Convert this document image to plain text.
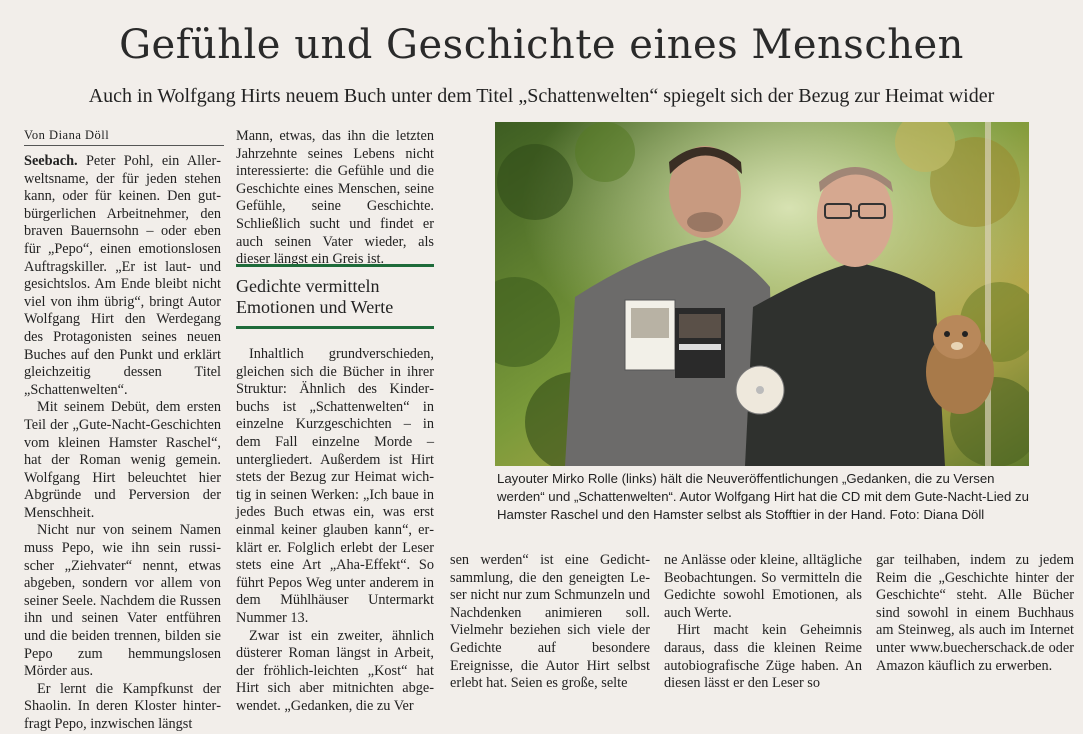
Gefühle und Geschichte eines Menschen
Auch in Wolfgang Hirts neuem Buch unter dem Titel „Schattenwelten“ spiegelt sich der Bezug zur Heimat wider
Von Diana Döll

Seebach. Peter Pohl, ein Allerweltsname, der für jeden stehen kann, oder für keinen. Den gutbürgerlichen Arbeitnehmer, den braven Bauernsohn – oder eben für „Pepo“, einen emotionslosen Auftragskiller. „Er ist laut- und gesichtslos. Am Ende bleibt nicht viel von ihm übrig“, bringt Autor Wolfgang Hirt den Werdegang des Protagonisten seines neuen Buches auf den Punkt und erklärt gleichzeitig dessen Titel „Schattenwelten“.

Mit seinem Debüt, dem ersten Teil der „Gute-Nacht-Geschichten vom kleinen Hamster Raschel“, hat der Roman wenig gemein. Wolfgang Hirt beleuchtet hier Abgründe und Perversion der Menschheit.

Nicht nur von seinem Namen muss Pepo, wie ihn sein russischer „Ziehvater“ nennt, etwas abgeben, sondern vor allem von seiner Seele. Nachdem die Russen ihn und seinen Vater entführen und die beiden trennen, bilden sie Pepo zum hemmungslosen Mörder aus.

Er lernt die Kampfkunst der Shaolin. In deren Kloster hinterfragt Pepo, inzwischen längst

Mann, etwas, das ihn die letzten Jahrzehnte seines Lebens nicht interessierte: die Gefühle und die Geschichte eines Menschen, seine Gefühle, seine Geschichte. Schließlich sucht und findet er auch seinen Vater wieder, als dieser längst ein Greis ist.

Gedichte vermitteln

Emotionen und Werte

Inhaltlich grundverschieden, gleichen sich die Bücher in ihrer Struktur: Ähnlich des Kinderbuchs ist „Schattenwelten“ in einzelne Kurzgeschichten – in dem Fall einzelne Morde – untergliedert. Außerdem ist Hirt stets der Bezug zur Heimat wichtig in seinen Werken: „Ich baue in jedes Buch etwas ein, was erst einmal keiner glauben kann“, erklärt er. Folglich erlebt der Leser stets eine Art „Aha-Effekt“. So führt Pepos Weg unter anderem in dem Mühlhäuser Untermarkt Nummer 13.

Zwar ist ein zweiter, ähnlich düsterer Roman längst in Arbeit, der fröhlich-leichten „Kost“ hat Hirt sich aber mitnichten abgewendet. „Gedanken, die zu Ver

Layouter Mirko Rolle (links) hält die Neuveröffentlichungen „Gedanken, die zu Versen werden“ und „Schattenwelten“. Autor Wolfgang Hirt hat die CD mit dem Gute-Nacht-Lied zu Hamster Raschel und den Hamster selbst als Stofftier in der Hand. Foto: Diana Döll

sen werden“ ist eine Gedichtsammlung, die den geneigten Leser nicht nur zum Schmunzeln und Nachdenken animieren soll. Vielmehr beziehen sich viele der Gedichte auf besondere Ereignisse, die Autor Hirt selbst erlebt hat. Seien es große, selte

ne Anlässe oder kleine, alltägliche Beobachtungen. So vermitteln die Gedichte sowohl Emotionen, als auch Werte.

Hirt macht kein Geheimnis daraus, dass die kleinen Reime autobiografische Züge haben. An diesen lässt er den Leser so

gar teilhaben, indem zu jedem Reim die „Geschichte hinter der Geschichte“ steht. Alle Bücher sind sowohl in einem Buchhaus am Steinweg, als auch im Internet unter www.buecherschack.de oder Amazon käuflich zu erwerben.
